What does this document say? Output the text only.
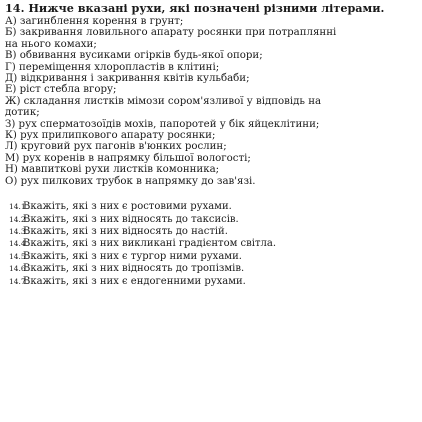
14. Нижче вказані рухи, які позначені різними літерами.
А) загинблення корення в грунт;
Б) закривання ловильного апарату росянки при потраплянні
на нього комахи;
В) обвивання вусиками огірків будь-якої опори;
Г) переміщення хлоропластів в клітині;
Д) відкривання і закривання квітів кульбаби;
Е) ріст стебла вгору;
Ж) складання листків мімози сором'язливої у відповідь на
дотик;
З) рух сперматозоїдів мохів, папоротей у бік яйцеклітини;
К) рух прилипкового апарату росянки;
Л) круговий рух пагонів в'юнких рослин;
М) рух коренів в напрямку більшої вологості;
Н) мавпиткові рухи листків комонника;
О) рух пилкових трубок в напрямку до зав'язі.
14.1.Вкажіть, які з них є ростовими рухами.
14.2.Вкажіть, які з них відносять до таксисів.
14.3.Вкажіть, які з них відносять до настій.
14.4.Вкажіть, які з них викликані градієнтом світла.
14.5.Вкажіть, які з них є тургор ними рухами.
14.6.Вкажіть, які з них відносять до тропізмів.
14.7.Вкажіть, які з них є ендогенними рухами.
